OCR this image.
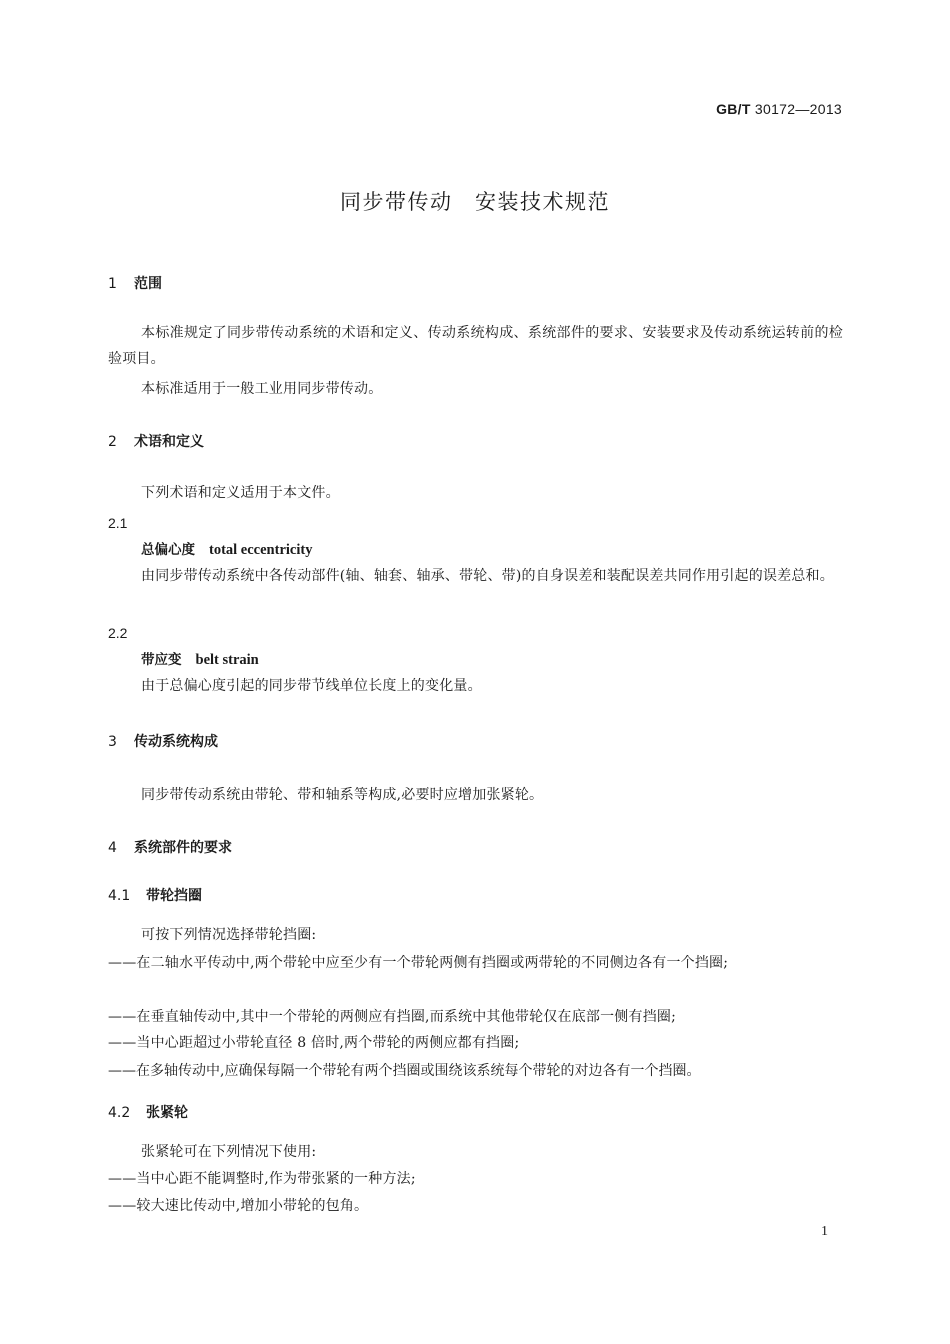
GB/T 30172—2013
同步带传动　安装技术规范
1 范围
本标准规定了同步带传动系统的术语和定义、传动系统构成、系统部件的要求、安装要求及传动系统运转前的检验项目。
本标准适用于一般工业用同步带传动。
2 术语和定义
下列术语和定义适用于本文件。
2.1
总偏心度 total eccentricity
由同步带传动系统中各传动部件(轴、轴套、轴承、带轮、带)的自身误差和装配误差共同作用引起的误差总和。
2.2
带应变 belt strain
由于总偏心度引起的同步带节线单位长度上的变化量。
3 传动系统构成
同步带传动系统由带轮、带和轴系等构成,必要时应增加张紧轮。
4 系统部件的要求
4.1 带轮挡圈
可按下列情况选择带轮挡圈:
——在二轴水平传动中,两个带轮中应至少有一个带轮两侧有挡圈或两带轮的不同侧边各有一个挡圈;
——在垂直轴传动中,其中一个带轮的两侧应有挡圈,而系统中其他带轮仅在底部一侧有挡圈;
——当中心距超过小带轮直径 8 倍时,两个带轮的两侧应都有挡圈;
——在多轴传动中,应确保每隔一个带轮有两个挡圈或围绕该系统每个带轮的对边各有一个挡圈。
4.2 张紧轮
张紧轮可在下列情况下使用:
——当中心距不能调整时,作为带张紧的一种方法;
——较大速比传动中,增加小带轮的包角。
1
